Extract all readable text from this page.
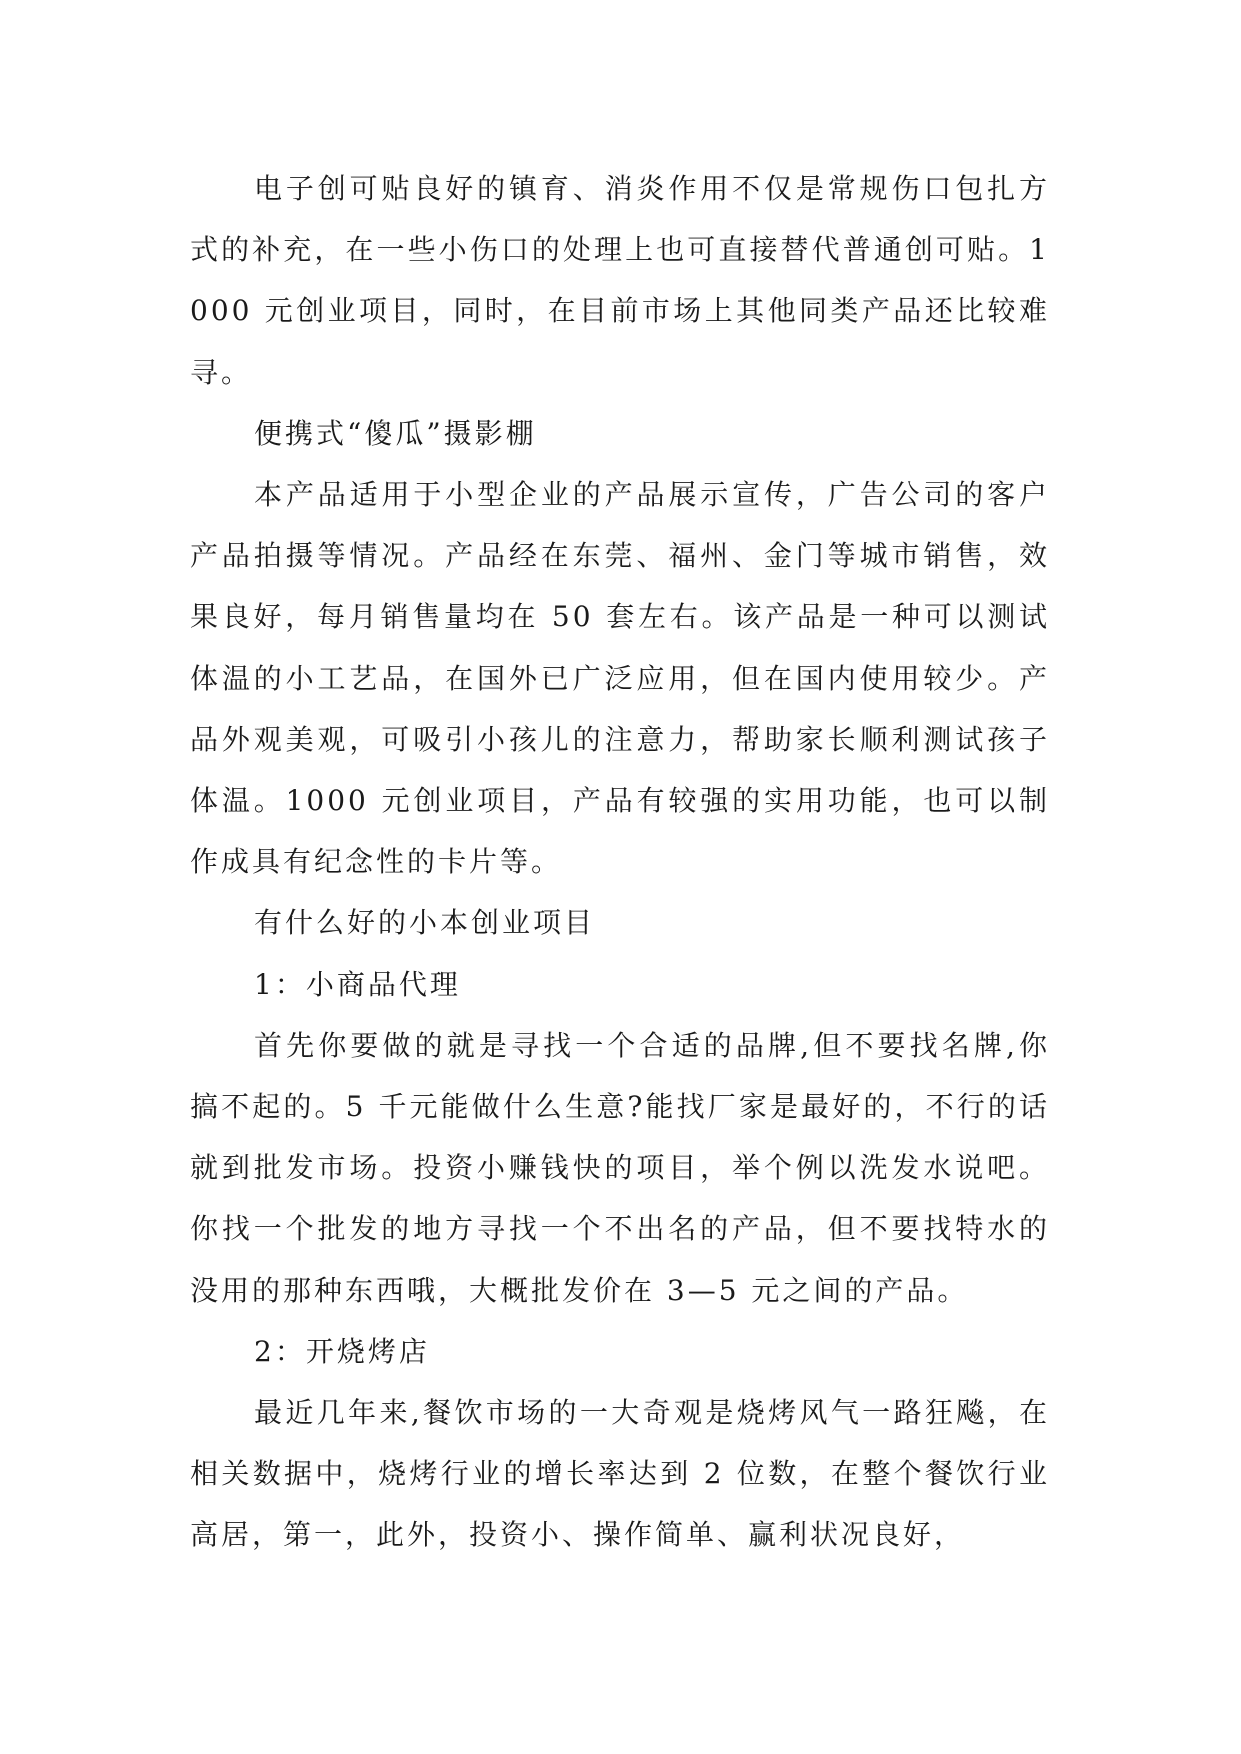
电子创可贴良好的镇育、消炎作用不仅是常规伤口包扎方式的补充，在一些小伤口的处理上也可直接替代普通创可贴。1000 元创业项目，同时，在目前市场上其他同类产品还比较难寻。

便携式“傻瓜”摄影棚

本产品适用于小型企业的产品展示宣传，广告公司的客户产品拍摄等情况。产品经在东莞、福州、金门等城市销售，效果良好，每月销售量均在 50 套左右。该产品是一种可以测试体温的小工艺品，在国外已广泛应用，但在国内使用较少。产品外观美观，可吸引小孩儿的注意力，帮助家长顺利测试孩子体温。1000 元创业项目，产品有较强的实用功能，也可以制作成具有纪念性的卡片等。

有什么好的小本创业项目

1：小商品代理

首先你要做的就是寻找一个合适的品牌,但不要找名牌,你搞不起的。5 千元能做什么生意?能找厂家是最好的，不行的话就到批发市场。投资小赚钱快的项目，举个例以洗发水说吧。你找一个批发的地方寻找一个不出名的产品，但不要找特水的没用的那种东西哦，大概批发价在 3—5 元之间的产品。

2：开烧烤店

最近几年来,餐饮市场的一大奇观是烧烤风气一路狂飚，在相关数据中，烧烤行业的增长率达到 2 位数，在整个餐饮行业高居，第一，此外，投资小、操作简单、赢利状况良好，
